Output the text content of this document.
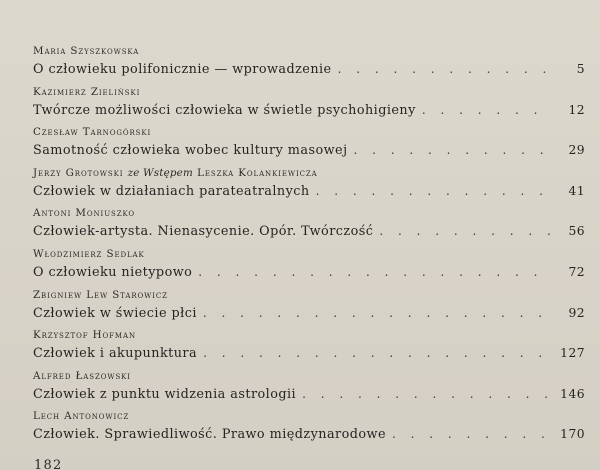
Maria Szyszkowska
O człowieku polifonicznie — wprowadzenie . . .	5
Kazimierz Zieliński
Twórcze możliwości człowieka w świetle psychohigieny . . .	12
Czesław Tarnogórski
Samotność człowieka wobec kultury masowej . . .	29
Jerzy Grotowski ze Wstępem Leszka Kolankiewicza
Człowiek w działaniach parateatralnych . . .	41
Antoni Moniuszko
Człowiek-artysta. Nienasycenie. Opór. Twórczość . . .	56
Włodzimierz Sedlak
O człowieku nietypowo . . .	72
Zbigniew Lew Starowicz
Człowiek w świecie płci . . .	92
Krzysztof Hofman
Człowiek i akupunktura . . .	127
Alfred Łaszowski
Człowiek z punktu widzenia astrologii . . .	146
Lech Antonowicz
Człowiek. Sprawiedliwość. Prawo międzynarodowe . . .	170
182
